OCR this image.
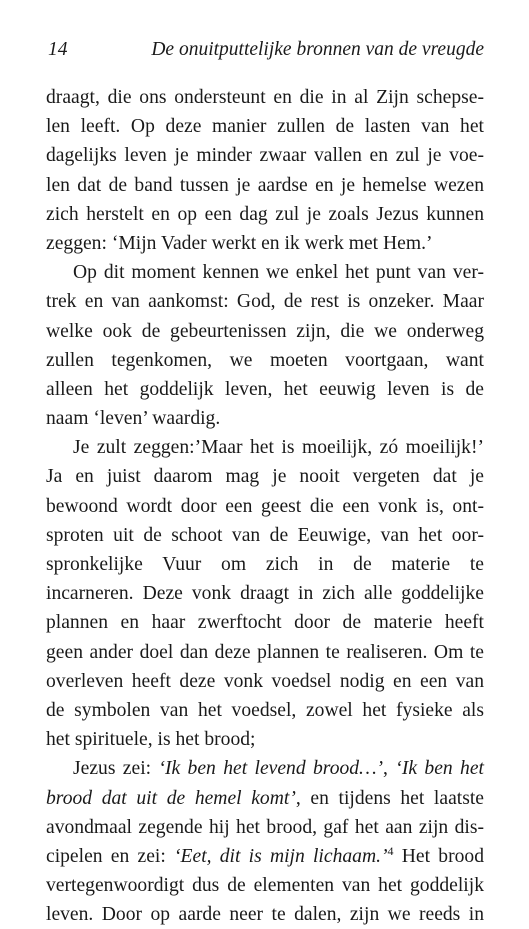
14	De onuitputtelijke bronnen van de vreugde
draagt, die ons ondersteunt en die in al Zijn schepse-
len leeft. Op deze manier zullen de lasten van het
dagelijks leven je minder zwaar vallen en zul je voe-
len dat de band tussen je aardse en je hemelse wezen
zich herstelt en op een dag zul je zoals Jezus kunnen
zeggen: ‘Mijn Vader werkt en ik werk met Hem.’
Op dit moment kennen we enkel het punt van ver-
trek en van aankomst: God, de rest is onzeker. Maar
welke ook de gebeurtenissen zijn, die we onderweg
zullen tegenkomen, we moeten voortgaan, want
alleen het goddelijk leven, het eeuwig leven is de
naam ‘leven’ waardig.
Je zult zeggen:’Maar het is moeilijk, zó moeilijk!’
Ja en juist daarom mag je nooit vergeten dat je
bewoond wordt door een geest die een vonk is, ont-
sproten uit de schoot van de Eeuwige, van het oor-
spronkelijke Vuur om zich in de materie te
incarneren. Deze vonk draagt in zich alle goddelijke
plannen en haar zwerftocht door de materie heeft
geen ander doel dan deze plannen te realiseren. Om te
overleven heeft deze vonk voedsel nodig en een van
de symbolen van het voedsel, zowel het fysieke als
het spirituele, is het brood;
Jezus zei: ‘Ik ben het levend brood…’, ‘Ik ben het
brood dat uit de hemel komt’, en tijdens het laatste
avondmaal zegende hij het brood, gaf het aan zijn dis-
cipelen en zei: ‘Eet, dit is mijn lichaam.’$^4$ Het brood
vertegenwoordigt dus de elementen van het goddelijk
leven. Door op aarde neer te dalen, zijn we reeds in
